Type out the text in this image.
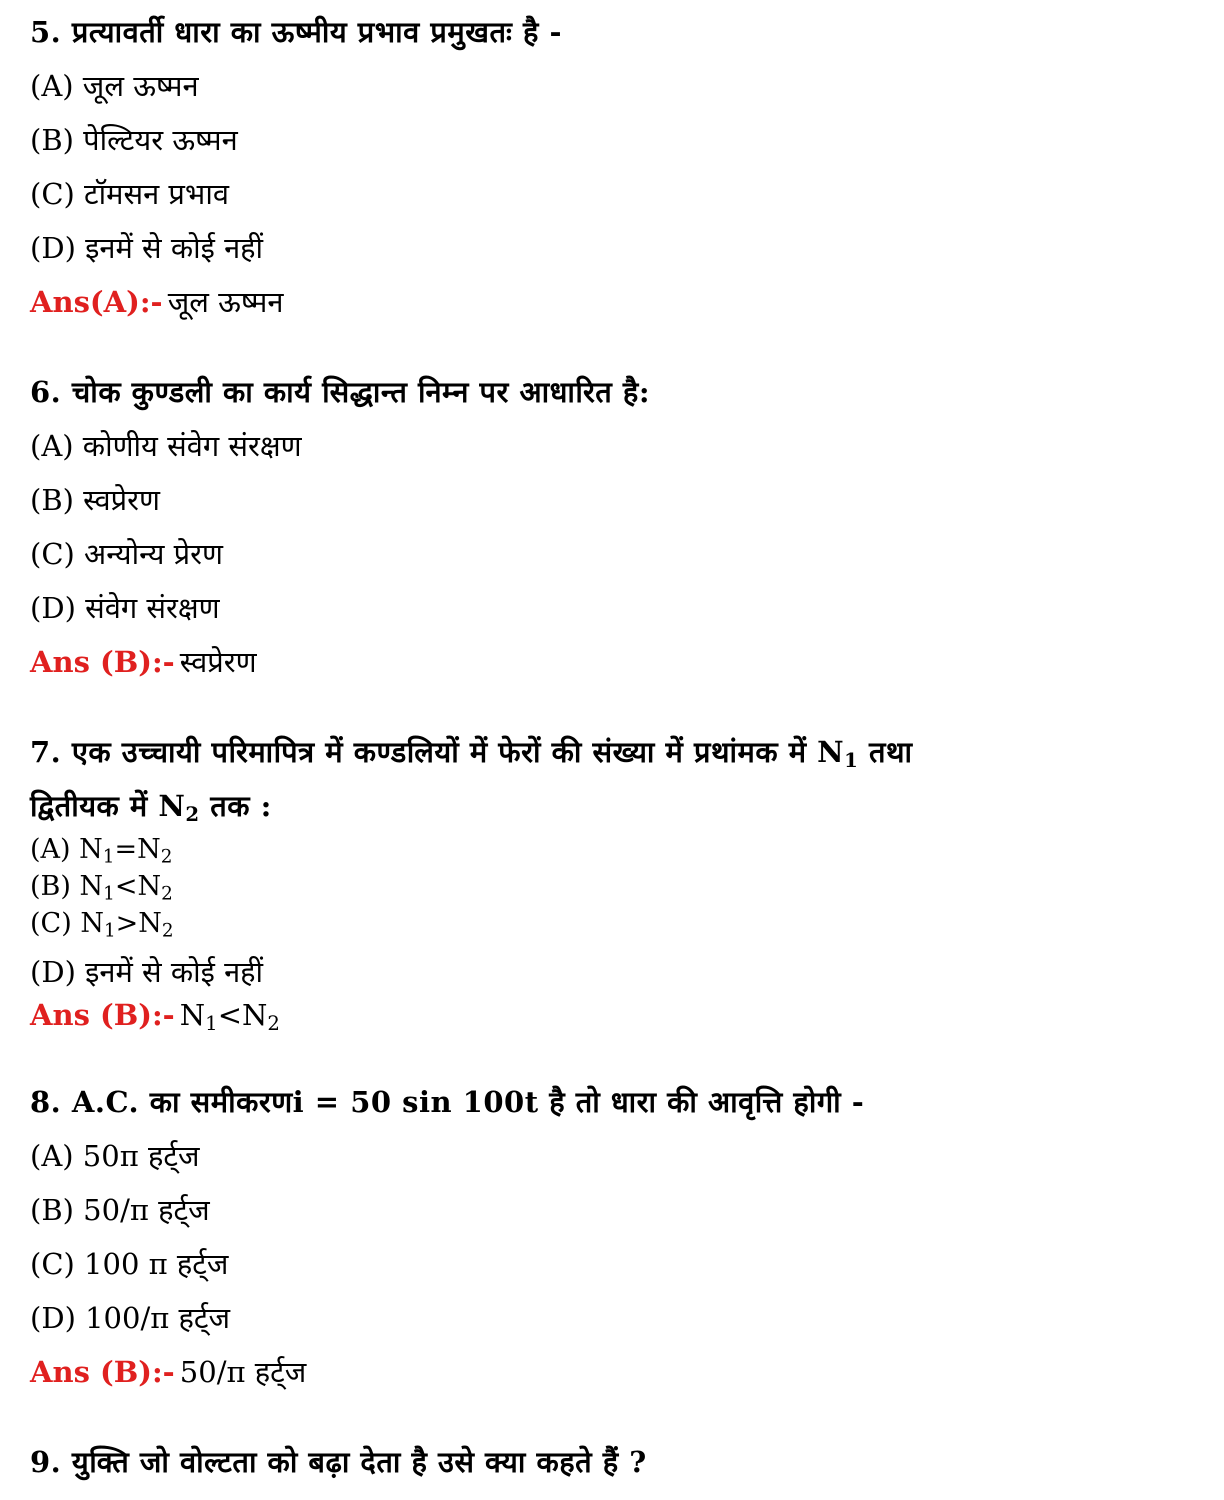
5. प्रत्यावर्ती धारा का ऊष्मीय प्रभाव प्रमुखतः है -
(A) जूल ऊष्मन
(B) पेल्टियर ऊष्मन
(C) टॉमसन प्रभाव
(D) इनमें से कोई नहीं
Ans(A):- जूल ऊष्मन
6. चोक कुण्डली का कार्य सिद्धान्त निम्न पर आधारित है:
(A) कोणीय संवेग संरक्षण
(B) स्वप्रेरण
(C) अन्योन्य प्रेरण
(D) संवेग संरक्षण
Ans (B):- स्वप्रेरण
7. एक उच्चायी परिमापित्र में कण्डलियों में फेरों की संख्या में प्रथांमक में $N_1$ तथा
द्वितीयक में $N_2$ तक :
(A) $N_1=N_2$
(B) $N_1<N_2$
(C) $N_1>N_2$
(D) इनमें से कोई नहीं
Ans (B):- $N_1<N_2$
8. A.C. का समीकरणi = 50 sin 100t है तो धारा की आवृत्ति होगी -
(A) 50π हर्ट्ज
(B) 50/π हर्ट्ज
(C) 100 π हर्ट्ज
(D) 100/π हर्ट्ज
Ans (B):- 50/π हर्ट्ज
9. युक्ति जो वोल्टता को बढ़ा देता है उसे क्या कहते हैं ?
